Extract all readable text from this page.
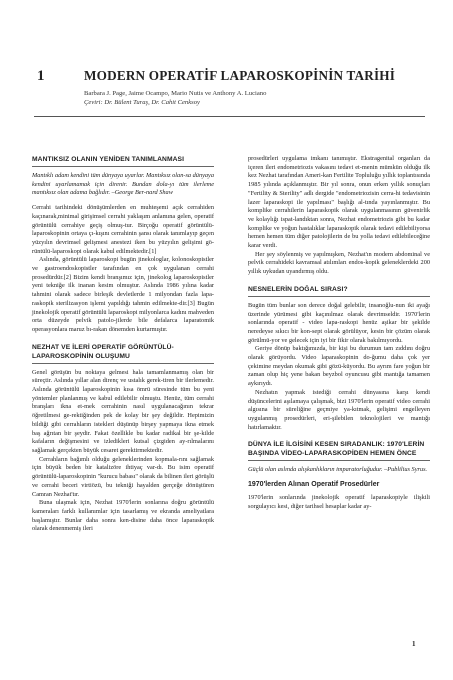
1	MODERN OPERATİF LAPAROSKOPİNİN TARİHİ
Barbara J. Page, Jaime Ocampo, Mario Nutis ve Anthony A. Luciano
Çeviri: Dr. Bülent Turaş, Dr. Cahit Cenksoy
MANTIKSIZ OLANIN YENİDEN TANIMLANMASI
Mantıklı adam kendini tüm dünyaya uyarlar. Mantıksız olan-sa dünyaya kendini uyarlamamak için direnir. Bundan dola-yı tüm ilerleme mantıksız olan adama bağlıdır. –George Ber-nard Shaw

Cerrahi tarihindeki dönüşümlerden en muhteşemi açık cerrahiden kaçınarak,minimal girişimsel cerrahi yaklaşım anlamına gelen, operatif görüntülü cerrahiye geçiş olmuş-tur. Birçoğu operatif görüntülü- laparoskopinin ortaya çı-kışını cerrahinin şansı olarak tanımlayıp geçen yüzyılın devrimsel gelişmesi anestezi iken bu yüzyılın gelişimi gö-rüntülü-laparoskopi olarak kabul edilmektedir.[1]

Aslında, görüntülü laparoskopi bugün jinekologlar, kolonoskopistler ve gastroendoskopistler tarafından en çok uygulanan cerrahi prosedürdür.[2] Bizim kendi branşımız için, jinekolog laparoskopistler yeni tekniğe ilk inanan kesim olmuştur. Aslında 1986 yılına kadar tahmini olarak sadece birleşik devletlerde 1 milyondan fazla lapa-raskopik sterilizasyon işlemi yapıldığı tahmin edilmekte-dir.[3] Bugün jinekolojik operatif görüntülü laparoskopi milyonlarca kadını mahveden orta düzeyde pelvik patolo-jilerde bile defalarca laparatomik operasyonlara maruz bı-rakan dönemden kurtarmıştır.

NEZHAT VE İLERİ OPERATİF GÖRÜNTÜLÜ-LAPAROSKOPİNİN OLUŞUMU

Genel görüşün bu noktaya gelmesi hala tamamlanmamış olan bir süreçtir. Aslında yıllar alan direnç ve ustalık gerek-tiren bir ilerlemedir. Aslında görüntülü laparoskopinin kısa ömrü süresinde tüm bu yeni yöntemler planlanmış ve kabul edilebilir olmuştu. Henüz, tüm cerrahi branşları ikna et-mek cerrahinin nasıl uygulanacağının tekrar öğretilmesi ge-rektiğinden pek de kolay bir şey değildir. Hepimizin bildiği gibi cerrahların istekleri düşünüp birşey yapmaya ikna etmek baş ağrıtan bir şeydir. Fakat özellikle bu kadar radikal bir şe-kilde kafaların değişmesini ve izledikleri kutsal çizgiden ay-rılmalarını sağlamak gerçekten büyük cesaret gerektirmektedir.

Cerrahların bağımlı olduğu geleneklerinden kopmala-rını sağlamak için büyük beden bir katalizöre ihtiyaç var-dı. Bu isim operatif görüntülü-laparoskopinin "kurucu babası" olarak da bilinen ileri görüşlü ve cerrahi beceri virtiözü, bu tekniği hayalden gerçeğe dönüştüren Camran Nezhat'tır.

Buna ulaşmak için, Nezhat 1970'lerin sonlarına doğru görüntülü kameraları farklı kullanımlar için tasarlamış ve ekranda ameliyatlara başlamıştır. Bunlar daha sonra ken-disine daha önce laparaskopik olarak denenmemiş ileri

prosedürleri uygulama imkanı tanımıştır. Ekstragenital organları da içeren ileri endometriozis vakasını tedavi et-menin mümkün olduğu ilk kez Nezhat tarafından Ameri-kan Fertilite Topluluğu yıllık toplantısında 1985 yılında açıklanmıştır. Bir yıl sonra, onun erken yıllık sonuçları "Fertility & Sterility" adlı dergide "endometriozisin cerra-hi tedavisinin lazer laparaskopi ile yapılması" başlığı al-tında yayınlanmıştır. Bu komplike cerrahilerin laparaskopik olarak uygulanmasının güvenirlik ve kolaylığı ispat-landıktan sonra, Nezhat endometriozis gibi bu kadar komplike ve yoğun hastalıklar laparaskopik olarak tedavi edilebiliyorsa hemen hemen tüm diğer patolojilerin de bu yolla tedavi edilebileceğine karar verdi.

Her şey söylenmiş ve yapılmışken, Nezhat'ın modern abdominal ve pelvik cerrahideki kavramsal atılımları endos-kopik geleneklerdeki 200 yıllık uykudan uyandırmış oldu.

NESNELERİN DOĞAL SIRASI?

Bugün tüm bunlar son derece doğal gelebilir, insanoğlu-nun iki ayağı üzerinde yürümesi gibi kaçınılmaz olarak devrimseldir. 1970'lerin sonlarında operatif - video lapa-raskopi henüz aşikar bir şekilde neredeyse sıkıcı bir kon-sept olarak görülüyor, kesin bir çözüm olarak görülmü-yor ve gelecek için iyi bir fikir olarak bakılmıyordu.

Geriye dönüp baktığımızda, bir kişi bu durumun tam zıddını doğru olarak görüyordu. Video laparaskopinin do-ğumu daha çok yer çekimine meydan okumak gibi gözü-küyordu. Bu ayrım fare yoğun bir zaman olup hiç yene bakan beyzbol oyuncusu gibi mantığa tamamen aykırıydı.

Nezhatın yapmak istediği cerrahi dünyasına karşı kendi düşüncelerini aşılamaya çalışmak, bizi 1970'lerin operatif video cerrahi algısına bir süreliğine geçmiye ya-kıtmak, gelişimi engelleyen uygulanmış prosedürleri, eri-şilebilen teknolojileri ve mantığı hatırlamaktır.

DÜNYA İLE İLGİSİNİ KESEN SIRADANLIK: 1970'LERİN BAŞINDA VİDEO-LAPARASKOPİDEN HEMEN ÖNCE
Güçlü olan aslında alışkanlıkların imparatorluğudur. –Publilius Syrus.
1970'lerden Alınan Operatif Prosedürler

1970'lerin sonlarında jinekolojik operatif laparaskopiyle ilişkili sorgulayıcı kesi, diğer tarihsel hesaplar kadar ay-

1
